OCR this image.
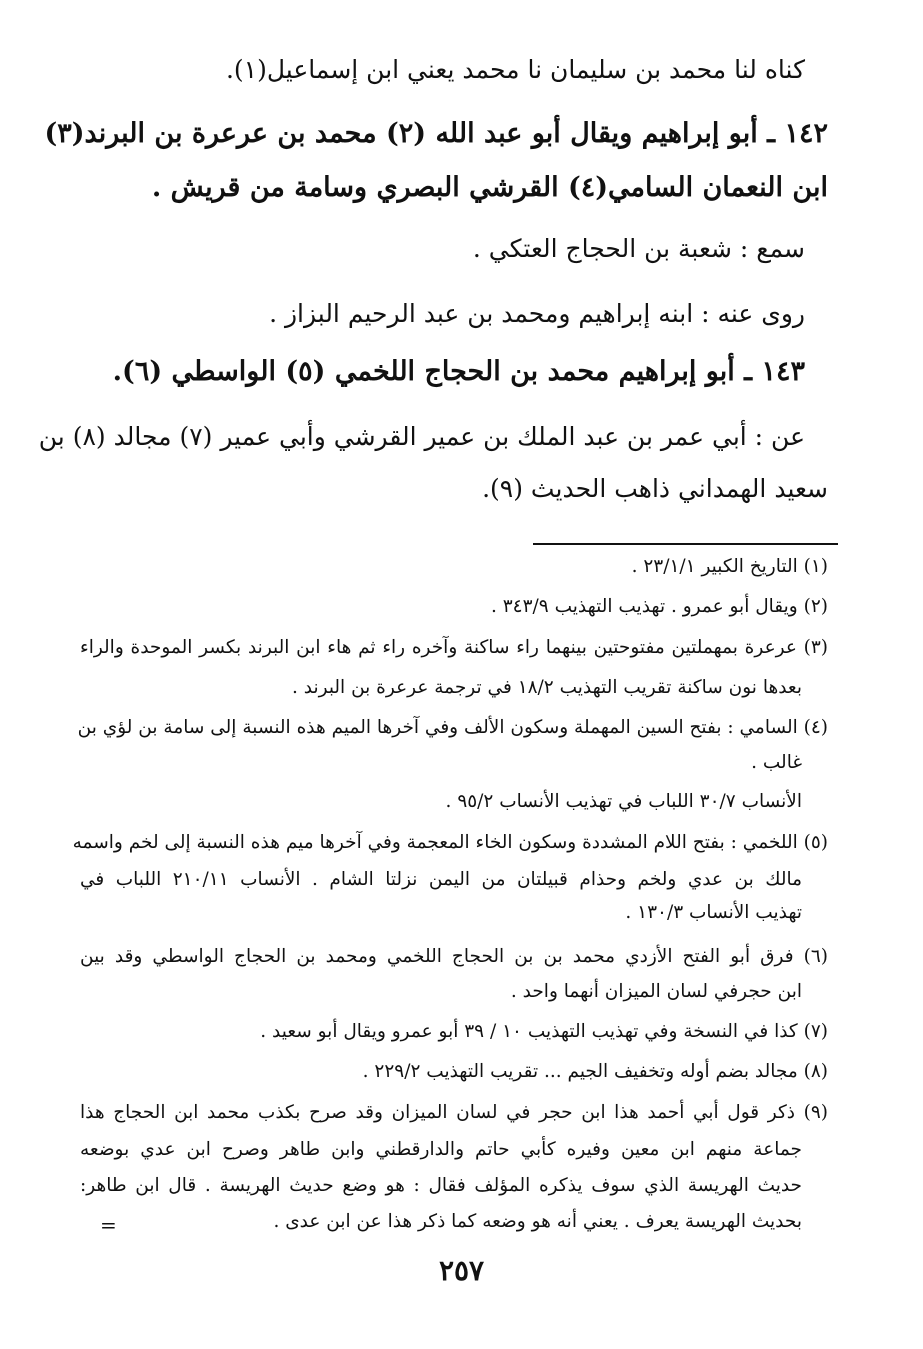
كناه لنا محمد بن سليمان نا محمد يعني ابن إسماعيل(١).
١٤٢ ـ أبو إبراهيم ويقال أبو عبد الله (٢) محمد بن عرعرة بن البرند(٣)
ابن النعمان السامي(٤) القرشي البصري وسامة من قريش .
سمع : شعبة بن الحجاج العتكي .
روى عنه : ابنه إبراهيم ومحمد بن عبد الرحيم البزاز .
١٤٣ ـ أبو إبراهيم محمد بن الحجاج اللخمي (٥) الواسطي (٦).
عن : أبي عمر بن عبد الملك بن عمير القرشي وأبي عمير (٧) مجالد (٨) بن
سعيد الهمداني ذاهب الحديث (٩).
(١) التاريخ الكبير ٢٣/١/١ .
(٢) ويقال أبو عمرو . تهذيب التهذيب ٣٤٣/٩ .
(٣) عرعرة بمهملتين مفتوحتين بينهما راء ساكنة وآخره راء ثم هاء ابن البرند بكسر الموحدة والراء
بعدها نون ساكنة تقريب التهذيب ١٨/٢ في ترجمة عرعرة بن البرند .
(٤) السامي : بفتح السين المهملة وسكون الألف وفي آخرها الميم هذه النسبة إلى سامة بن لؤي بن
غالب .
الأنساب ٣٠/٧ اللباب في تهذيب الأنساب ٩٥/٢ .
(٥) اللخمي : بفتح اللام المشددة وسكون الخاء المعجمة وفي آخرها ميم هذه النسبة إلى لخم واسمه
مالك بن عدي ولخم وحذام قبيلتان من اليمن نزلتا الشام . الأنساب ٢١٠/١١ اللباب في
تهذيب الأنساب ١٣٠/٣ .
(٦) فرق أبو الفتح الأزدي محمد بن بن الحجاج اللخمي ومحمد بن الحجاج الواسطي وقد بين
ابن حجرفي لسان الميزان أنهما واحد .
(٧) كذا في النسخة وفي تهذيب التهذيب ١٠ / ٣٩ أبو عمرو ويقال أبو سعيد .
(٨) مجالد بضم أوله وتخفيف الجيم ... تقريب التهذيب ٢٢٩/٢ .
(٩) ذكر قول أبي أحمد هذا ابن حجر في لسان الميزان وقد صرح بكذب محمد ابن الحجاج هذا
جماعة منهم ابن معين وفيره كأبي حاتم والدارقطني وابن طاهر وصرح ابن عدي بوضعه
حديث الهريسة الذي سوف يذكره المؤلف فقال : هو وضع حديث الهريسة . قال ابن طاهر:
بحديث الهريسة يعرف . يعني أنه هو وضعه كما ذكر هذا عن ابن عدى .
=
٢٥٧
